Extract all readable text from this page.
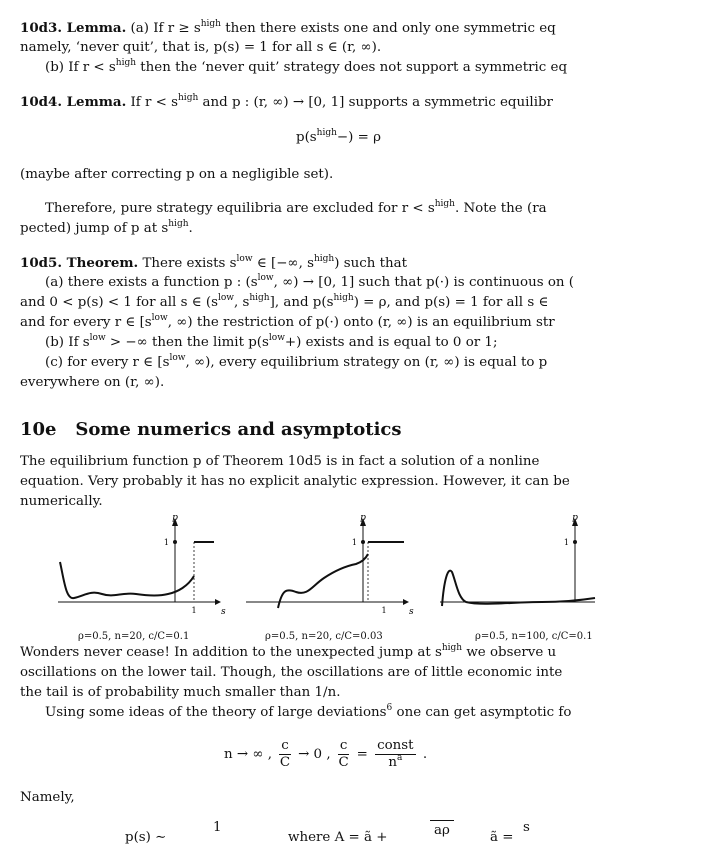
10d3. Lemma. (a) If $r \ge s^{high}$ then there exists one and only one symmetric eq
namely, ‘never quit’, that is, p(s) = 1 for all s ∈ (r, ∞).
(b) If $r < s^{high}$ then the ‘never quit’ strategy does not support a symmetric eq
10d4. Lemma. If $r < s^{high}$ and p : (r, ∞) → [0, 1] supports a symmetric equilibr
$p(s^{high}-) = \rho$
(maybe after correcting p on a negligible set).
Therefore, pure strategy equilibria are excluded for $r < s^{high}$. Note the (ra
pected) jump of p at $s^{high}$.
10d5. Theorem. There exists $s^{low}$ ∈ [−∞, $s^{high}$) such that
(a) there exists a function p : ($s^{low}$, ∞) → [0, 1] such that p(·) is continuous on (
and 0 < p(s) < 1 for all s ∈ ($s^{low}$, $s^{high}$], and $p(s^{high}) = \rho$, and p(s) = 1 for all s ∈
and for every r ∈ [$s^{low}$, ∞) the restriction of p(·) onto (r, ∞) is an equilibrium str
(b) If $s^{low}$ > −∞ then the limit $p(s^{low}+)$ exists and is equal to 0 or 1;
(c) for every r ∈ [$s^{low}$, ∞), every equilibrium strategy on (r, ∞) is equal to p
everywhere on (r, ∞).
10e Some numerics and asymptotics
The equilibrium function p of Theorem 10d5 is in fact a solution of a nonline
equation. Very probably it has no explicit analytic expression. However, it can be
numerically.
Wonders never cease! In addition to the unexpected jump at $s^{high}$ we observe u
oscillations on the lower tail. Though, the oscillations are of little economic inte
the tail is of probability much smaller than 1/n.
Using some ideas of the theory of large deviations$^6$ one can get asymptotic fo
n → ∞ , $\frac{c}{C} \to 0$ , $\frac{c}{C} = \frac{\text{const}}{n^a}$ .
Namely,
p(s) ∼
1
where A = ã +	aρ	ã =
s
p
s
1
1
p
s
1
1
p
1
ρ=0.5, n=20, c/C=0.1	ρ=0.5, n=20, c/C=0.03	ρ=0.5, n=100, c/C=0.1
